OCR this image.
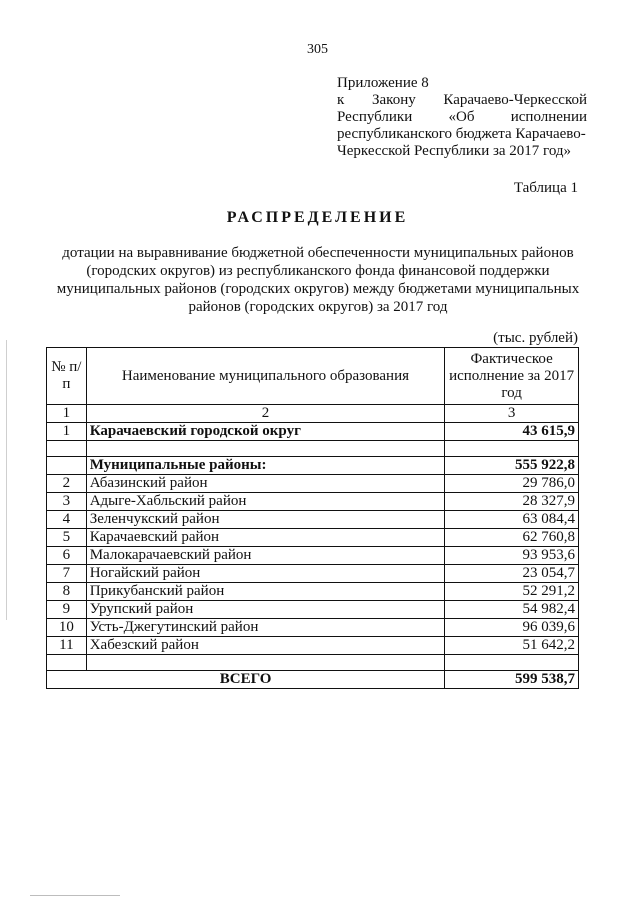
305
Приложение 8
к Закону Карачаево-Черкесской
Республики «Об исполнении
республиканского бюджета Карачаево-
Черкесской Республики за 2017 год»
Таблица 1
РАСПРЕДЕЛЕНИЕ
дотации на выравнивание бюджетной обеспеченности муниципальных районов
(городских округов) из республиканского фонда финансовой поддержки
муниципальных районов (городских округов) между бюджетами муниципальных
районов (городских округов) за 2017 год
(тыс. рублей)
№ п/п	Наименование муниципального образования	Фактическое исполнение за 2017 год
1	2	3
1	Карачаевский городской округ	43 615,9

	Муниципальные районы:	555 922,8
2	Абазинский район	29 786,0
3	Адыге-Хабльский район	28 327,9
4	Зеленчукский район	63 084,4
5	Карачаевский район	62 760,8
6	Малокарачаевский район	93 953,6
7	Ногайский район	23 054,7
8	Прикубанский район	52 291,2
9	Урупский район	54 982,4
10	Усть-Джегутинский район	96 039,6
11	Хабезский район	51 642,2

ВСЕГО		599 538,7
